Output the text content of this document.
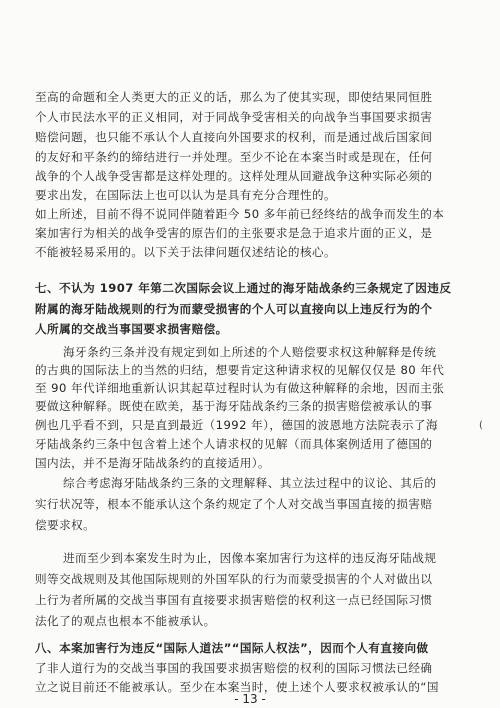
至高的命题和全人类更大的正义的话，那么为了使其实现，即使结果同恒胜
个人市民法水平的正义相同，对于同战争受害相关的向战争当事国要求损害
赔偿问题，也只能不承认个人直接向外国要求的权利，而是通过战后国家间
的友好和平条约的缔结进行一并处理。至少不论在本案当时或是现在，任何
战争的个人战争受害都是这样处理的。这样处理从回避战争这种实际必须的
要求出发，在国际法上也可以认为是具有充分合理性的。
如上所述，目前不得不说同伴随着距今 50 多年前已经终结的战争而发生的本
案加害行为相关的战争受害的原告们的主张要求是急于追求片面的正义，是
不能被轻易采用的。以下关于法律问题仅述结论的核心。
七、不认为 1907 年第二次国际会议上通过的海牙陆战条约三条规定了因违反
附属的海牙陆战规则的行为而蒙受损害的个人可以直接向以上违反行为的个
人所属的交战当事国要求损害赔偿。
海牙条约三条并没有规定到如上所述的个人赔偿要求权这种解释是传统
的古典的国际法上的当然的归结，想要肯定这种请求权的见解仅仅是 80 年代
至 90 年代详细地重新认识其起草过程时认为有做这种解释的余地，因而主张
要做这种解释。既使在欧美，基于海牙陆战条约三条的损害赔偿被承认的事
例也几乎看不到，只是直到最近（1992 年），德国的波恩地方法院表示了海
牙陆战条约三条中包含着上述个人请求权的见解（而具体案例适用了德国的
国内法，并不是海牙陆战条约的直接适用）。
(
综合考虑海牙陆战条约三条的文理解释、其立法过程中的议论、其后的
实行状况等，根本不能承认这个条约规定了个人对交战当事国直接的损害赔
偿要求权。
进而至少到本案发生时为止，因像本案加害行为这样的违反海牙陆战规
则等交战规则及其他国际规则的外国军队的行为而蒙受损害的个人对做出以
上行为者所属的交战当事国有直接要求损害赔偿的权利这一点已经国际习惯
法化了的观点也根本不能被承认。
八、本案加害行为违反“国际人道法”“国际人权法”，因而个人有直接向做
了非人道行为的交战当事国的我国要求损害赔偿的权利的国际习惯法已经确
立之说目前还不能被承认。至少在本案当时，使上述个人要求权被承认的“国
- 13 -
